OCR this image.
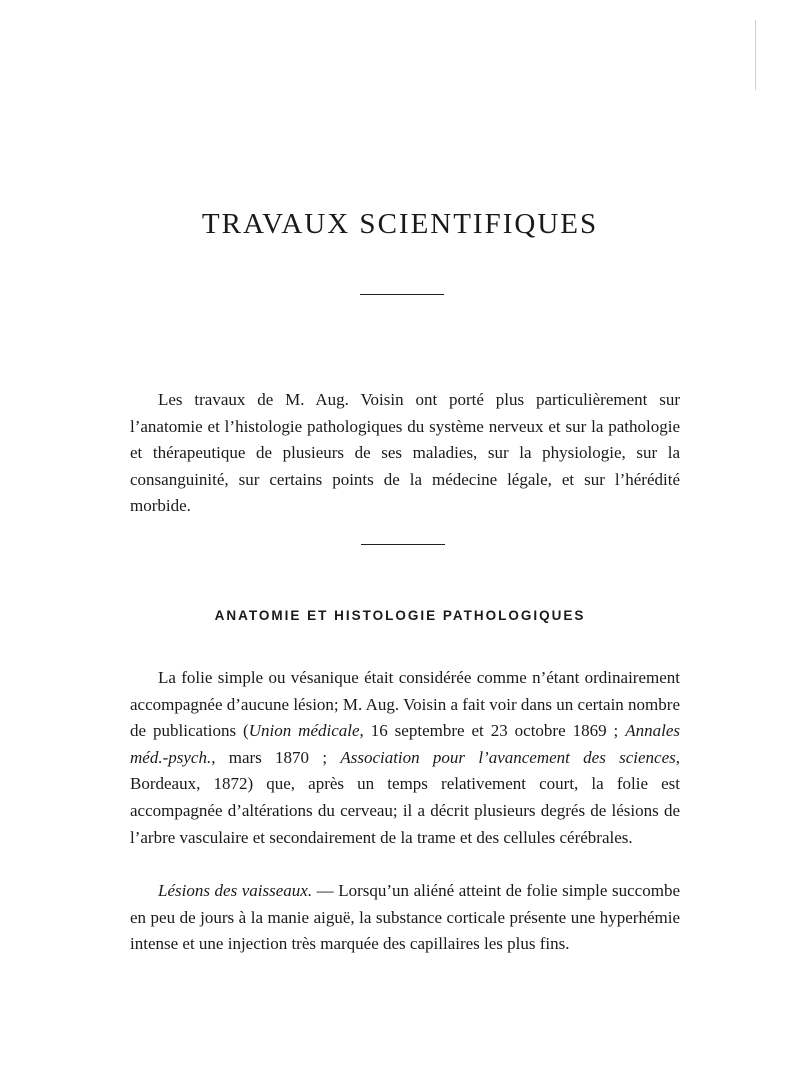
TRAVAUX SCIENTIFIQUES

Les travaux de M. Aug. Voisin ont porté plus particulièrement sur l’anatomie et l’histologie pathologiques du système nerveux et sur la pathologie et thérapeutique de plusieurs de ses maladies, sur la physiologie, sur la consanguinité, sur certains points de la médecine légale, et sur l’hérédité morbide.

ANATOMIE ET HISTOLOGIE PATHOLOGIQUES

La folie simple ou vésanique était considérée comme n’étant ordinairement accompagnée d’aucune lésion; M. Aug. Voisin a fait voir dans un certain nombre de publications (Union médicale, 16 septembre et 23 octobre 1869 ; Annales méd.-psych., mars 1870 ; Association pour l’avancement des sciences, Bordeaux, 1872) que, après un temps relativement court, la folie est accompagnée d’altérations du cerveau; il a décrit plusieurs degrés de lésions de l’arbre vasculaire et secondairement de la trame et des cellules cérébrales.

Lésions des vaisseaux. — Lorsqu’un aliéné atteint de folie simple succombe en peu de jours à la manie aiguë, la substance corticale présente une hyperhémie intense et une injection très marquée des capillaires les plus fins.
